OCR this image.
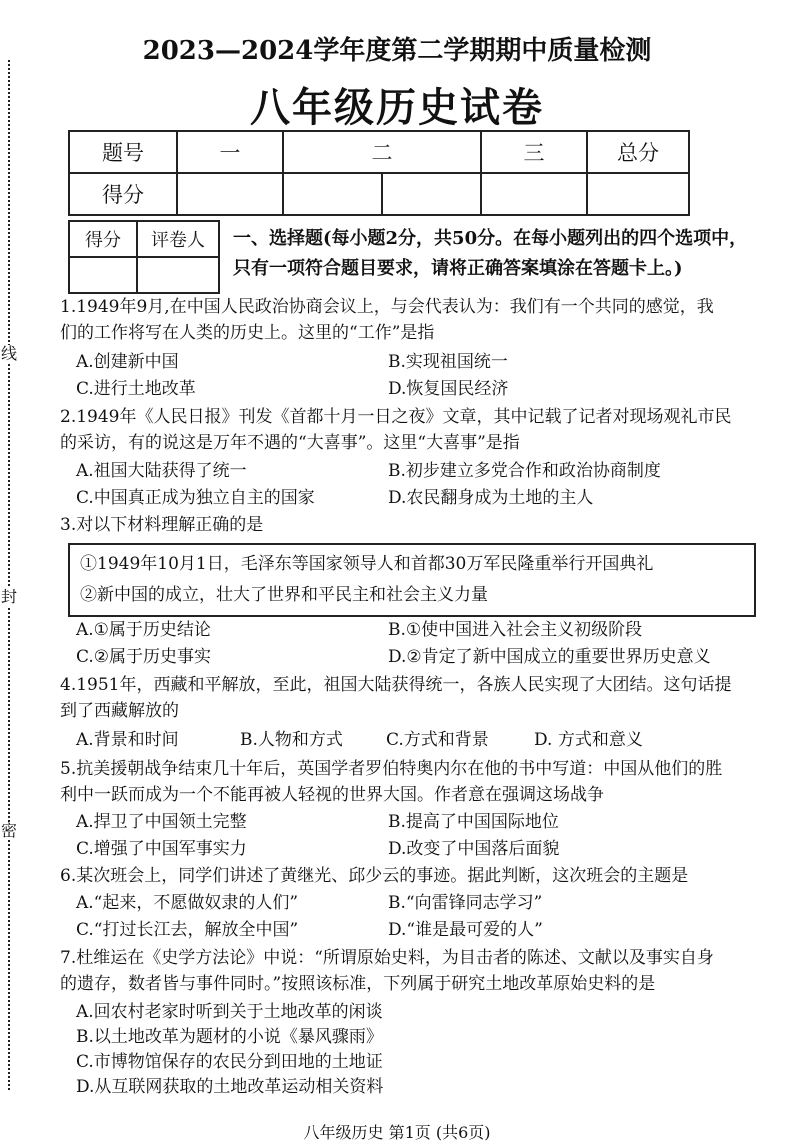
线
封
密
2023—2024学年度第二学期期中质量检测
八年级历史试卷
题号	一	二		三	总分
得分					
得分	评卷人
	一、选择题(每小题2分，共50分。在每小题列出的四个选项中，
只有一项符合题目要求，请将正确答案填涂在答题卡上。)
1.1949年9月,在中国人民政治协商会议上，与会代表认为：我们有一个共同的感觉，我
们的工作将写在人类的历史上。这里的“工作”是指
A.创建新中国	B.实现祖国统一
C.进行土地改革	D.恢复国民经济
2.1949年《人民日报》刊发《首都十月一日之夜》文章，其中记载了记者对现场观礼市民
的采访，有的说这是万年不遇的“大喜事”。这里“大喜事”是指
A.祖国大陆获得了统一	B.初步建立多党合作和政治协商制度
C.中国真正成为独立自主的国家	D.农民翻身成为土地的主人
3.对以下材料理解正确的是
①1949年10月1日，毛泽东等国家领导人和首都30万军民隆重举行开国典礼
②新中国的成立，壮大了世界和平民主和社会主义力量
A.①属于历史结论	B.①使中国进入社会主义初级阶段
C.②属于历史事实	D.②肯定了新中国成立的重要世界历史意义
4.1951年，西藏和平解放，至此，祖国大陆获得统一，各族人民实现了大团结。这句话提
到了西藏解放的
A.背景和时间	B.人物和方式	C.方式和背景	D. 方式和意义
5.抗美援朝战争结束几十年后，英国学者罗伯特奥内尔在他的书中写道：中国从他们的胜
利中一跃而成为一个不能再被人轻视的世界大国。作者意在强调这场战争
A.捍卫了中国领土完整	B.提高了中国国际地位
C.增强了中国军事实力	D.改变了中国落后面貌
6.某次班会上，同学们讲述了黄继光、邱少云的事迹。据此判断，这次班会的主题是
A.“起来，不愿做奴隶的人们”	B.“向雷锋同志学习”
C.“打过长江去，解放全中国”	D.“谁是最可爱的人”
7.杜维运在《史学方法论》中说：“所谓原始史料，为目击者的陈述、文献以及事实自身
的遗存，数者皆与事件同时。”按照该标准，下列属于研究土地改革原始史料的是
A.回农村老家时听到关于土地改革的闲谈
B.以土地改革为题材的小说《暴风骤雨》
C.市博物馆保存的农民分到田地的土地证
D.从互联网获取的土地改革运动相关资料
八年级历史 第1页 (共6页)
